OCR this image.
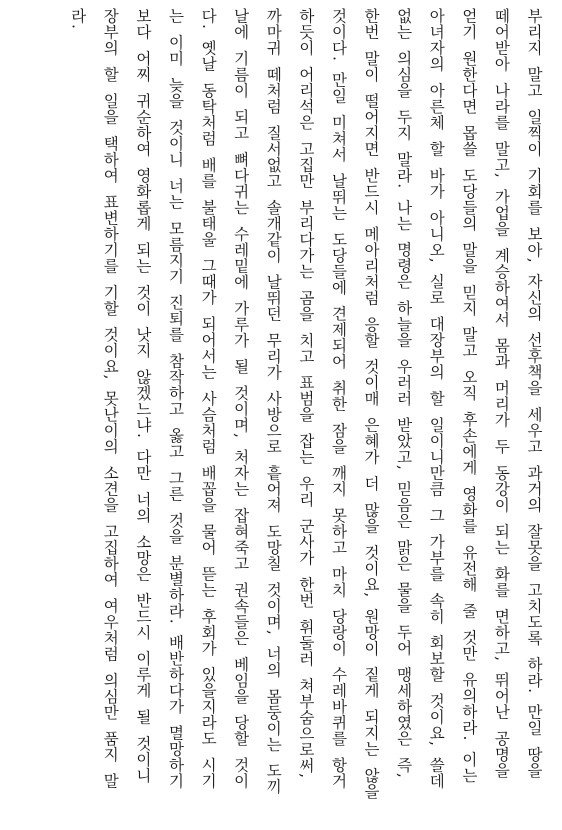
부리지 말고 일찍이 기회를 보아, 자신의 선후책을 세우고 과거의 잘못을 고치도록 하라. 만일 땅을

떼어받아 나라를 말고, 가업을 계승하여서 몸과 머리가 두 동강이 되는 화를 면하고, 뛰어난 공명을

얻기 원한다면 몹쓸 도당들의 말을 믿지 말고 오직 후손에게 영화를 유전해 줄 것만 유의하라. 이는

아녀자의 아른체 할 바가 아니오, 실로 대장부의 할 일이니만큼 그 가부를 속히 회보할 것이요, 쓸데

없는 의심을 두지 말라. 나는 명령은 하늘을 우러러 받았고, 믿음은 맑은 물을 두어 맹세하였은 즉,

한번 말이 떨어지면 반드시 메아리처럼 응할 것이매 은혜가 더 많을 것이요, 원망이 짙게 되지는 않을

것이다. 만일 미쳐서 날뛰는 도당들에 견제되어 취한 잠을 깨지 못하고 마치 당랑이 수레바퀴를 항거

하듯이 어리석은 고집만 부리다가는 곰을 치고 표범을 잡는 우리 군사가 한번 휘둘러 쳐부숨으로써,

까마귀 떼처럼 질서없고 솔개같이 날뛰던 무리가 사방으로 흩어져 도망칠 것이며, 너의 몸둥이는 도끼

날에 기름이 되고 뼈다귀는 수레밑에 가루가 될 것이며, 처자는 잡혀죽고 권속들은 베임을 당할 것이

다. 옛날 동탁처럼 배를 불태울 그때가 되어서는 사슴처럼 배꼽을 물어 뜯는 후회가 있을지라도 시기

는 이미 늦을 것이니 너는 모름지기 진퇴를 참작하고 옳고 그른 것을 분별하라. 배반하다가 멸망하기

보다 어찌 귀순하여 영화롭게 되는 것이 낫지 않겠느냐. 다만 너의 소망은 반드시 이루게 될 것이니

장부의 할 일을 택하여 표변하기를 기할 것이요, 못난이의 소견을 고집하여 여우처럼 의심만 품지 말

라.
